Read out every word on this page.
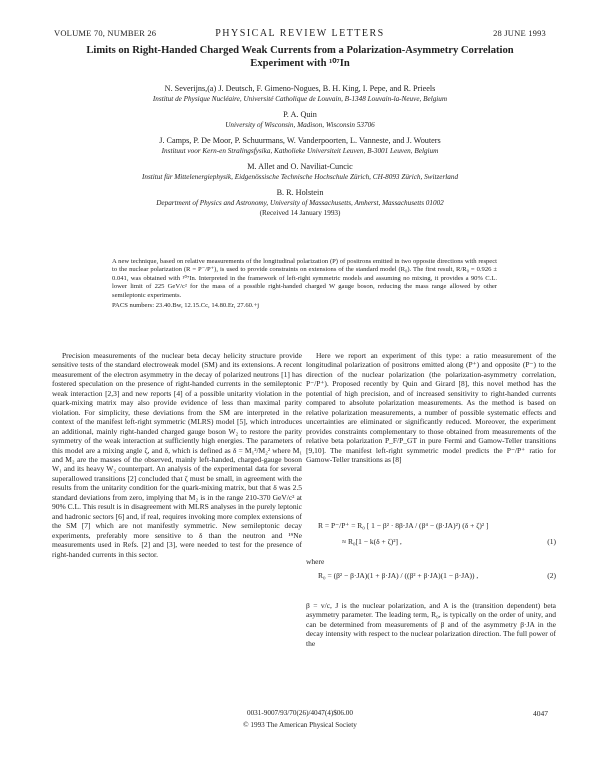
VOLUME 70, NUMBER 26	PHYSICAL REVIEW LETTERS	28 JUNE 1993
Limits on Right-Handed Charged Weak Currents from a Polarization-Asymmetry Correlation Experiment with ¹⁰⁷In
N. Severijns,(a) J. Deutsch, F. Gimeno-Nogues, B. H. King, I. Pepe, and R. Prieels
Institut de Physique Nucléaire, Université Catholique de Louvain, B-1348 Louvain-la-Neuve, Belgium
P. A. Quin
University of Wisconsin, Madison, Wisconsin 53706
J. Camps, P. De Moor, P. Schuurmans, W. Vanderpoorten, L. Vanneste, and J. Wouters
Instituut voor Kern-en Stralingsfysika, Katholieke Universiteit Leuven, B-3001 Leuven, Belgium
M. Allet and O. Naviliat-Cuncic
Institut für Mittelenergiephysik, Eidgenössische Technische Hochschule Zürich, CH-8093 Zürich, Switzerland
B. R. Holstein
Department of Physics and Astronomy, University of Massachusetts, Amherst, Massachusetts 01002
(Received 14 January 1993)
A new technique, based on relative measurements of the longitudinal polarization (P) of positrons emitted in two opposite directions with respect to the nuclear polarization (R = P⁻/P⁺), is used to provide constraints on extensions of the standard model (R₀). The first result, R/R₀ = 0.926 ± 0.041, was obtained with ¹⁰⁷In. Interpreted in the framework of left-right symmetric models and assuming no mixing, it provides a 90% C.L. lower limit of 225 GeV/c² for the mass of a possible right-handed charged W gauge boson, reducing the mass range allowed by other semileptonic experiments.
PACS numbers: 23.40.Bw, 12.15.Cc, 14.80.Er, 27.60.+j
Precision measurements of the nuclear beta decay helicity structure provide sensitive tests of the standard electroweak model (SM) and its extensions. A recent measurement of the electron asymmetry in the decay of polarized neutrons [1] has fostered speculation on the presence of right-handed currents in the semileptonic weak interaction [2,3] and new reports [4] of a possible unitarity violation in the quark-mixing matrix may also provide evidence of less than maximal parity violation. For simplicity, these deviations from the SM are interpreted in the context of the manifest left-right symmetric (MLRS) model [5], which introduces an additional, mainly right-handed charged gauge boson W₂ to restore the parity symmetry of the weak interaction at sufficiently high energies. The parameters of this model are a mixing angle ζ, and δ, which is defined as δ = M₁²/M₂² where M₁ and M₂ are the masses of the observed, mainly left-handed, charged-gauge boson W₁ and its heavy W₂ counterpart. An analysis of the experimental data for several superallowed transitions [2] concluded that ζ must be small, in agreement with the results from the unitarity condition for the quark-mixing matrix, but that δ was 2.5 standard deviations from zero, implying that M₂ is in the range 210-370 GeV/c² at 90% C.L. This result is in disagreement with MLRS analyses in the purely leptonic and hadronic sectors [6] and, if real, requires invoking more complex extensions of the SM [7] which are not manifestly symmetric. New semileptonic decay experiments, preferably more sensitive to δ than the neutron and ¹⁹Ne measurements used in Refs. [2] and [3], were needed to test for the presence of right-handed currents in this sector.
Here we report an experiment of this type: a ratio measurement of the longitudinal polarization of positrons emitted along (P⁺) and opposite (P⁻) to the direction of the nuclear polarization (the polarization-asymmetry correlation, P⁻/P⁺). Proposed recently by Quin and Girard [8], this novel method has the potential of high precision, and of increased sensitivity to right-handed currents compared to absolute polarization measurements. As the method is based on relative polarization measurements, a number of possible systematic effects and uncertainties are eliminated or significantly reduced. Moreover, the experiment provides constraints complementary to those obtained from measurements of the relative beta polarization P_F/P_GT in pure Fermi and Gamow-Teller transitions [9,10]. The manifest left-right symmetric model predicts the P⁻/P⁺ ratio for Gamow-Teller transitions as [8]
R = P⁻/P⁺ = R₀ [ 1 − β² · 8β·JA / (β⁴ − (β·JA)²) (δ + ζ)² ]
≈ R₀[1 − k(δ + ζ)²] ,	(1)
where
R₀ = (β² − β·JA)(1 + β·JA) / ((β² + β·JA)(1 − β·JA)) ,	(2)
β = v/c, J is the nuclear polarization, and A is the (transition dependent) beta asymmetry parameter. The leading term, R₀, is typically on the order of unity, and can be determined from measurements of β and of the asymmetry β·JA in the decay intensity with respect to the nuclear polarization direction. The full power of the
0031-9007/93/70(26)/4047(4)$06.00
© 1993 The American Physical Society
4047
